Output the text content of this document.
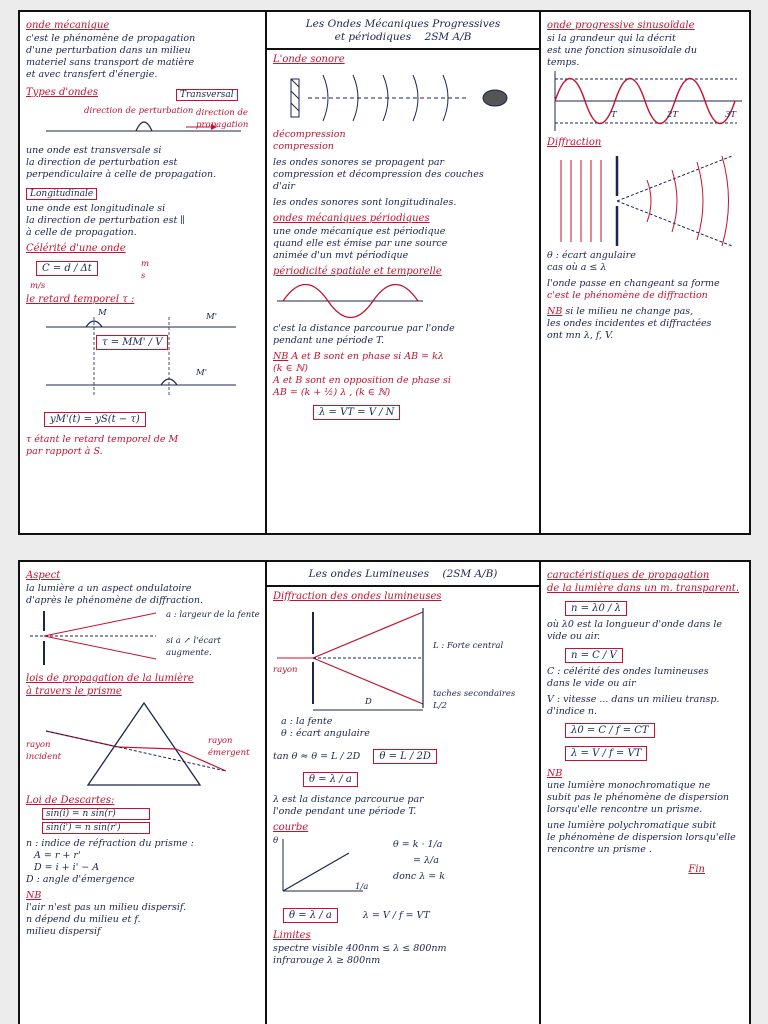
onde mécanique

c'est le phénomène de propagation

d'une perturbation dans un milieu

materiel sans transport de matière

et avec transfert d'énergie.

Types d'ondes	Transversal
direction de perturbation direction de propagation

une onde est transversale si

la direction de perturbation est

perpendiculaire à celle de propagation.

Longitudinale

une onde est longitudinale si

la direction de perturbation est ∥

à celle de propagation.

Célérité d'une onde

C = d / Δt	m
s
m/s

le retard temporel τ :

M	M'
M'
τ = MM' / V
yM'(t) = yS(t − τ)

τ étant le retard temporel de M

par rapport à S.

Les Ondes Mécaniques Progressives
et périodiques 2SM A/B

L'onde sonore

décompression

compression

les ondes sonores se propagent par

compression et décompression des couches

d'air

les ondes sonores sont longitudinales.

ondes mécaniques périodiques

une onde mécanique est périodique

quand elle est émise par une source

animée d'un mvt périodique

périodicité spatiale et temporelle

c'est la distance parcourue par l'onde

pendant une période T.

NB A et B sont en phase si AB = kλ

(k ∈ ℕ)

A et B sont en opposition de phase si

AB = (k + ½) λ , (k ∈ ℕ)

λ = VT = V / N

onde progressive sinusoïdale

si la grandeur qui la décrit

est une fonction sinusoïdale du

temps.

T	2T	3T

Diffraction

θ : écart angulaire

cas où a ≤ λ

l'onde passe en changeant sa forme

c'est le phénomène de diffraction

NB si le milieu ne change pas,

les ondes incidentes et diffractées

ont mn λ, f, V.

Aspect

la lumière a un aspect ondulatoire

d'après le phénomène de diffraction.

a : largeur de la fente
si a ↗ l'écart augmente.

lois de propagation de la lumière

à travers le prisme

rayon incident
rayon émergent

Loi de Descartes:

sin(i) = n sin(r)
sin(i') = n sin(r')

n : indice de réfraction du prisme :

A = r + r'

D = i + i' − A

D : angle d'émergence

NB

l'air n'est pas un milieu dispersif.

n dépend du milieu et f.

milieu dispersif

Les ondes Lumineuses (2SM A/B)

Diffraction des ondes lumineuses

L : Forte central
taches secondaires L/2
rayon
D

a : la fente

θ : écart angulaire

tan θ ≈ θ = L / 2D θ = L / 2D
θ = λ / a

λ est la distance parcourue par

l'onde pendant une période T.

courbe

θ
1/a
θ = k · 1/a
= λ/a
donc λ = k
θ = λ / a	λ = V / f = VT

Limites

spectre visible 400nm ≤ λ ≤ 800nm

infrarouge λ ≥ 800nm

caractéristiques de propagation

de la lumière dans un m. transparent.

n = λ0 / λ

où λ0 est la longueur d'onde dans le

vide ou air.

n = C / V

C : célérité des ondes lumineuses

dans le vide ou air

V : vitesse ... dans un milieu transp.

d'indice n.

λ0 = C / f = CT
λ = V / f = VT

NB

une lumière monochromatique ne

subit pas le phénomène de dispersion

lorsqu'elle rencontre un prisme.

une lumière polychromatique subit

le phénomène de dispersion lorsqu'elle

rencontre un prisme .

Fin
